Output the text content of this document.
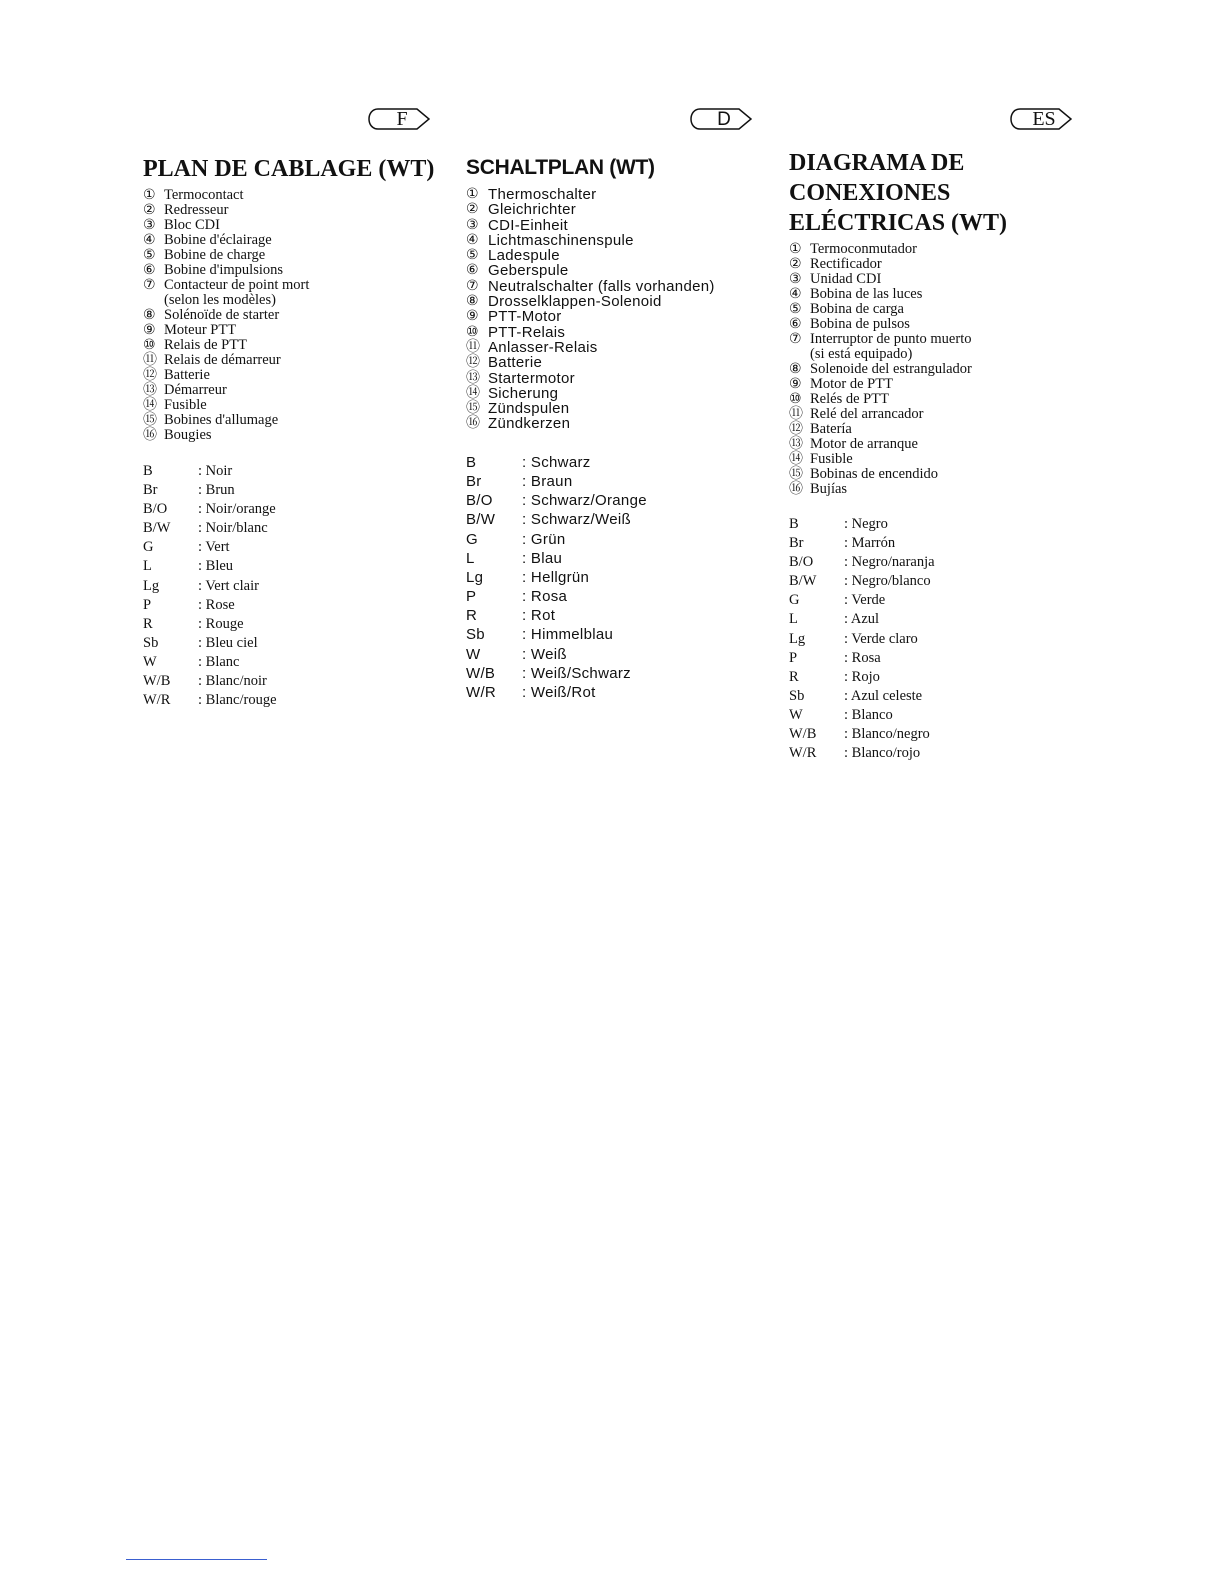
F
PLAN DE CABLAGE (WT)
① Termocontact
② Redresseur
③ Bloc CDI
④ Bobine d'éclairage
⑤ Bobine de charge
⑥ Bobine d'impulsions
⑦ Contacteur de point mort
(selon les modèles)
⑧ Solénoïde de starter
⑨ Moteur PTT
⑩ Relais de PTT
⑪ Relais de démarreur
⑫ Batterie
⑬ Démarreur
⑭ Fusible
⑮ Bobines d'allumage
⑯ Bougies
B	: Noir
Br	: Brun
B/O	: Noir/orange
B/W	: Noir/blanc
G	: Vert
L	: Bleu
Lg	: Vert clair
P	: Rose
R	: Rouge
Sb	: Bleu ciel
W	: Blanc
W/B	: Blanc/noir
W/R	: Blanc/rouge
D
SCHALTPLAN (WT)
① Thermoschalter
② Gleichrichter
③ CDI-Einheit
④ Lichtmaschinenspule
⑤ Ladespule
⑥ Geberspule
⑦ Neutralschalter (falls vorhanden)
⑧ Drosselklappen-Solenoid
⑨ PTT-Motor
⑩ PTT-Relais
⑪ Anlasser-Relais
⑫ Batterie
⑬ Startermotor
⑭ Sicherung
⑮ Zündspulen
⑯ Zündkerzen
B	: Schwarz
Br	: Braun
B/O	: Schwarz/Orange
B/W	: Schwarz/Weiß
G	: Grün
L	: Blau
Lg	: Hellgrün
P	: Rosa
R	: Rot
Sb	: Himmelblau
W	: Weiß
W/B	: Weiß/Schwarz
W/R	: Weiß/Rot
ES
DIAGRAMA DE
CONEXIONES
ELÉCTRICAS (WT)
① Termoconmutador
② Rectificador
③ Unidad CDI
④ Bobina de las luces
⑤ Bobina de carga
⑥ Bobina de pulsos
⑦ Interruptor de punto muerto
(si está equipado)
⑧ Solenoide del estrangulador
⑨ Motor de PTT
⑩ Relés de PTT
⑪ Relé del arrancador
⑫ Batería
⑬ Motor de arranque
⑭ Fusible
⑮ Bobinas de encendido
⑯ Bujías
B	: Negro
Br	: Marrón
B/O	: Negro/naranja
B/W	: Negro/blanco
G	: Verde
L	: Azul
Lg	: Verde claro
P	: Rosa
R	: Rojo
Sb	: Azul celeste
W	: Blanco
W/B	: Blanco/negro
W/R	: Blanco/rojo
